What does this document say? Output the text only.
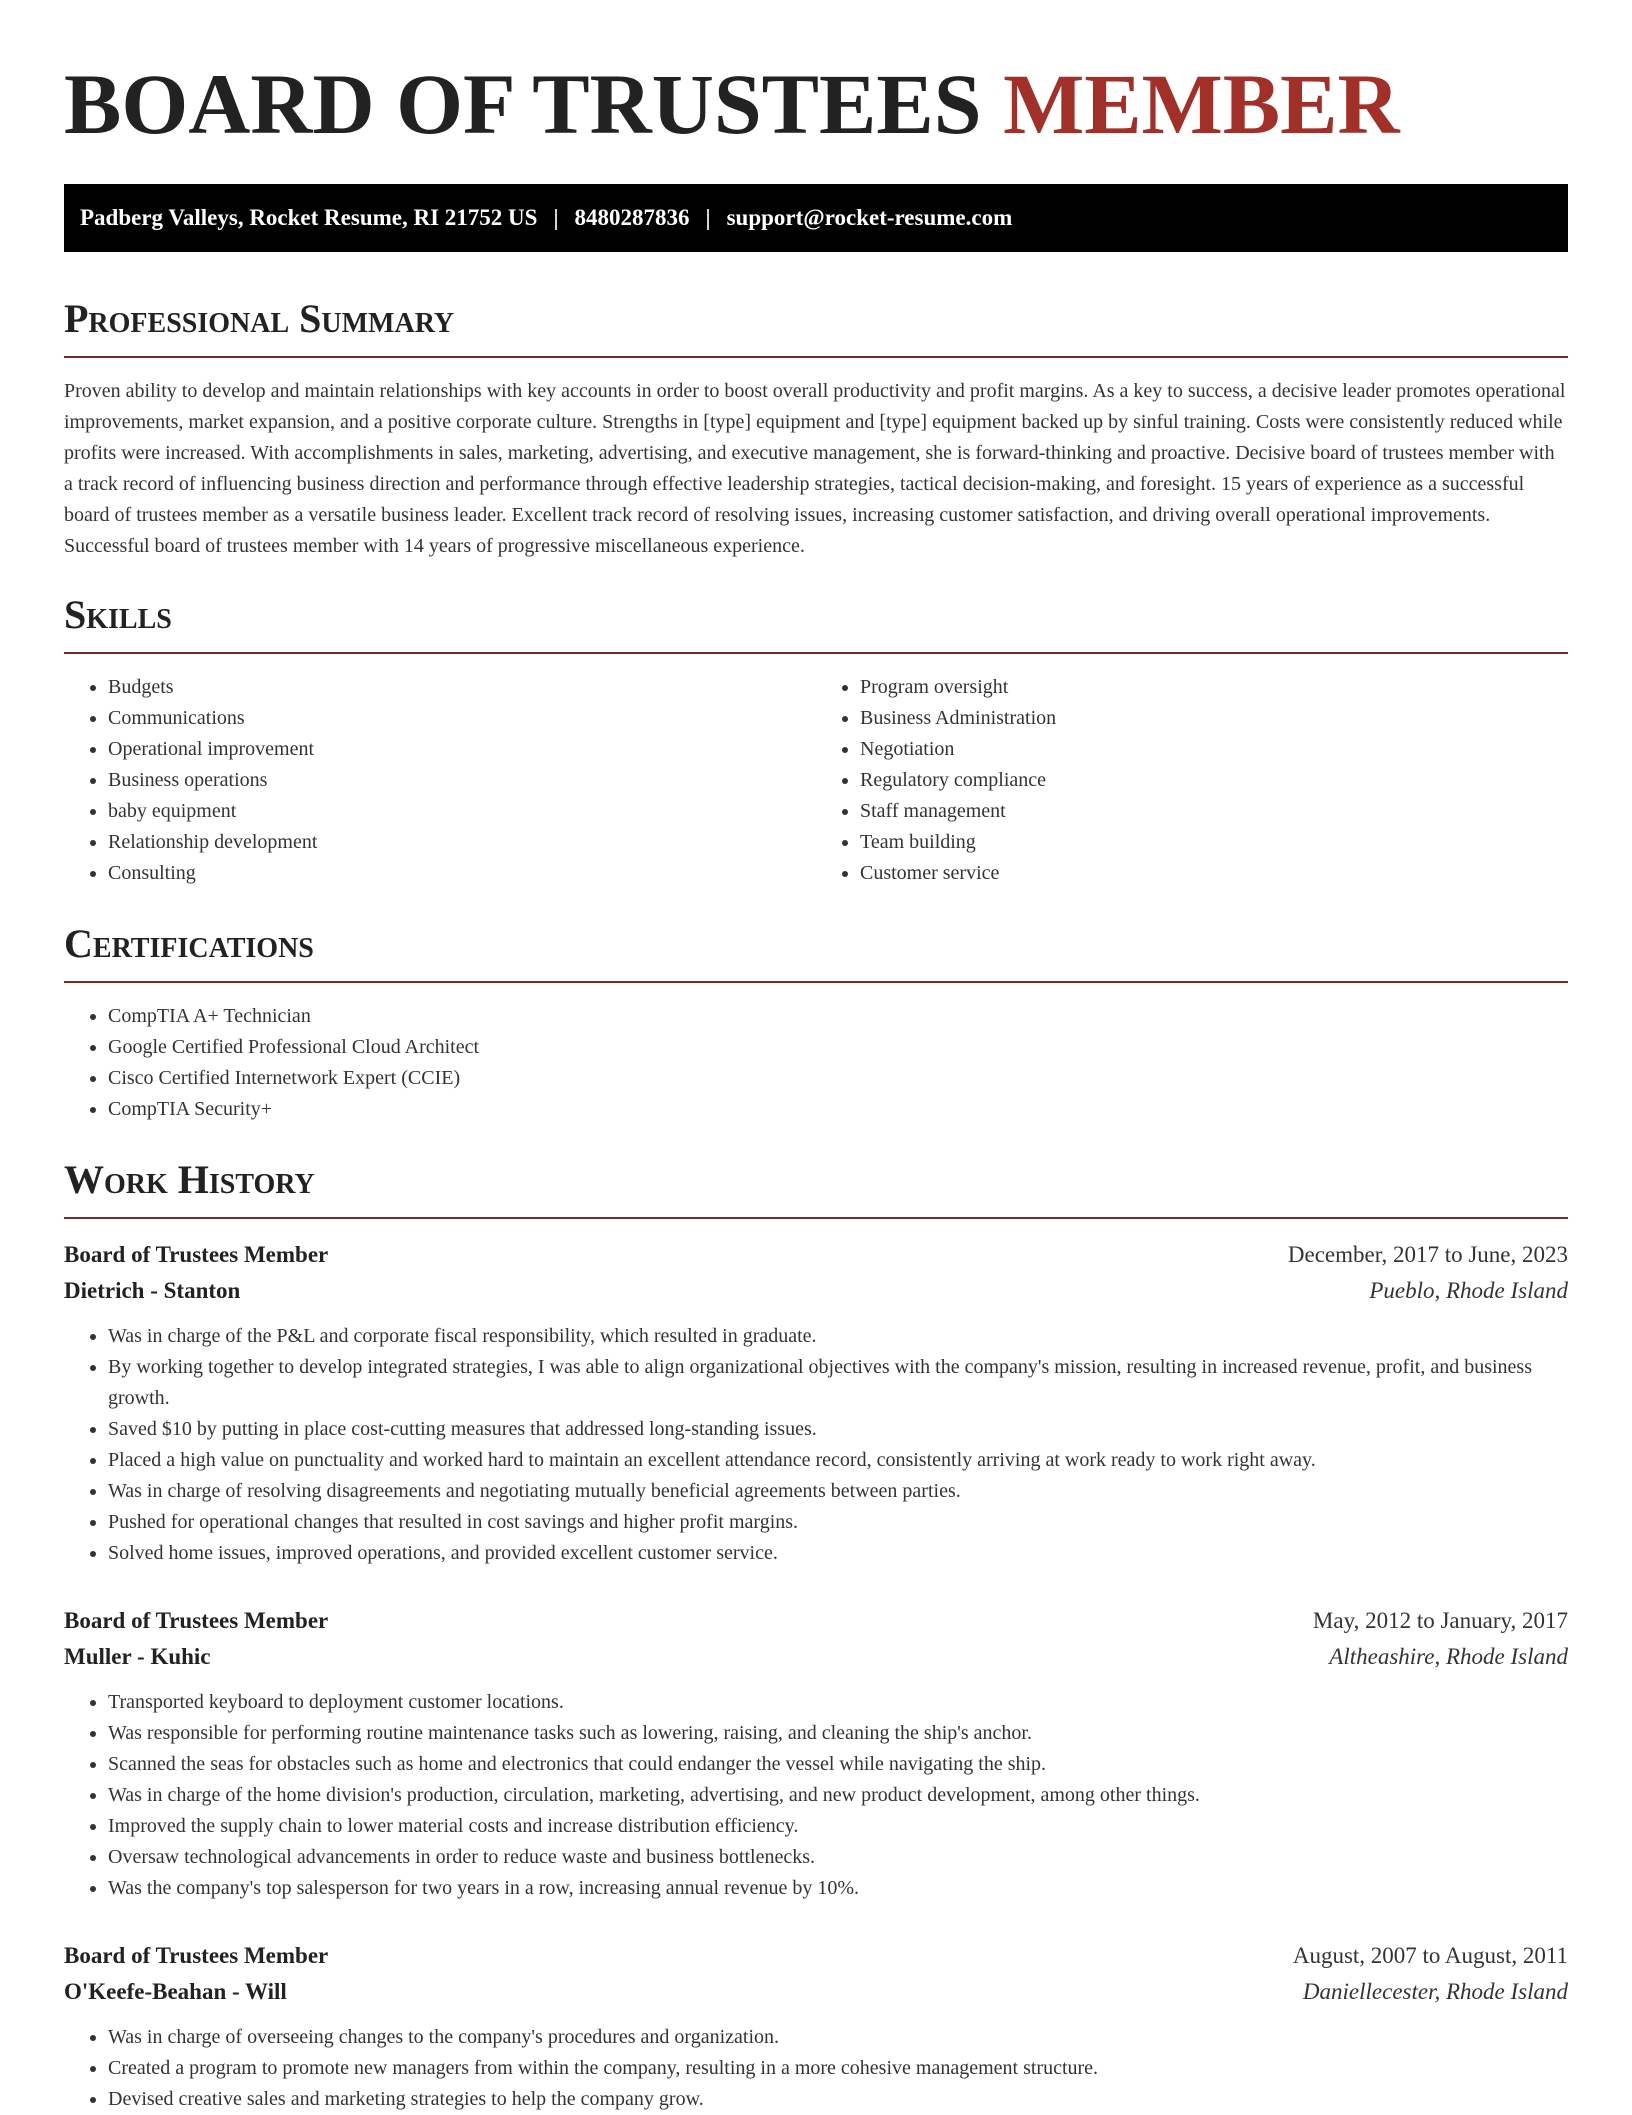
BOARD OF TRUSTEES MEMBER
Padberg Valleys, Rocket Resume, RI 21752 US | 8480287836 | support@rocket-resume.com
Professional Summary

Proven ability to develop and maintain relationships with key accounts in order to boost overall productivity and profit margins. As a key to success, a decisive leader promotes operational improvements, market expansion, and a positive corporate culture. Strengths in [type] equipment and [type] equipment backed up by sinful training. Costs were consistently reduced while profits were increased. With accomplishments in sales, marketing, advertising, and executive management, she is forward-thinking and proactive. Decisive board of trustees member with a track record of influencing business direction and performance through effective leadership strategies, tactical decision-making, and foresight. 15 years of experience as a successful board of trustees member as a versatile business leader. Excellent track record of resolving issues, increasing customer satisfaction, and driving overall operational improvements. Successful board of trustees member with 14 years of progressive miscellaneous experience.

Skills
• Budgets
• Communications
• Operational improvement
• Business operations
• baby equipment
• Relationship development
• Consulting
• Program oversight
• Business Administration
• Negotiation
• Regulatory compliance
• Staff management
• Team building
• Customer service
Certifications
• CompTIA A+ Technician
• Google Certified Professional Cloud Architect
• Cisco Certified Internetwork Expert (CCIE)
• CompTIA Security+
Work History
Board of Trustees Member	December, 2017 to June, 2023
Dietrich - Stanton	Pueblo, Rhode Island
• Was in charge of the P&L and corporate fiscal responsibility, which resulted in graduate.
• By working together to develop integrated strategies, I was able to align organizational objectives with the company's mission, resulting in increased revenue, profit, and business growth.
• Saved $10 by putting in place cost-cutting measures that addressed long-standing issues.
• Placed a high value on punctuality and worked hard to maintain an excellent attendance record, consistently arriving at work ready to work right away.
• Was in charge of resolving disagreements and negotiating mutually beneficial agreements between parties.
• Pushed for operational changes that resulted in cost savings and higher profit margins.
• Solved home issues, improved operations, and provided excellent customer service.
Board of Trustees Member	May, 2012 to January, 2017
Muller - Kuhic	Altheashire, Rhode Island
• Transported keyboard to deployment customer locations.
• Was responsible for performing routine maintenance tasks such as lowering, raising, and cleaning the ship's anchor.
• Scanned the seas for obstacles such as home and electronics that could endanger the vessel while navigating the ship.
• Was in charge of the home division's production, circulation, marketing, advertising, and new product development, among other things.
• Improved the supply chain to lower material costs and increase distribution efficiency.
• Oversaw technological advancements in order to reduce waste and business bottlenecks.
• Was the company's top salesperson for two years in a row, increasing annual revenue by 10%.
Board of Trustees Member	August, 2007 to August, 2011
O'Keefe-Beahan - Will	Daniellecester, Rhode Island
• Was in charge of overseeing changes to the company's procedures and organization.
• Created a program to promote new managers from within the company, resulting in a more cohesive management structure.
• Devised creative sales and marketing strategies to help the company grow.
